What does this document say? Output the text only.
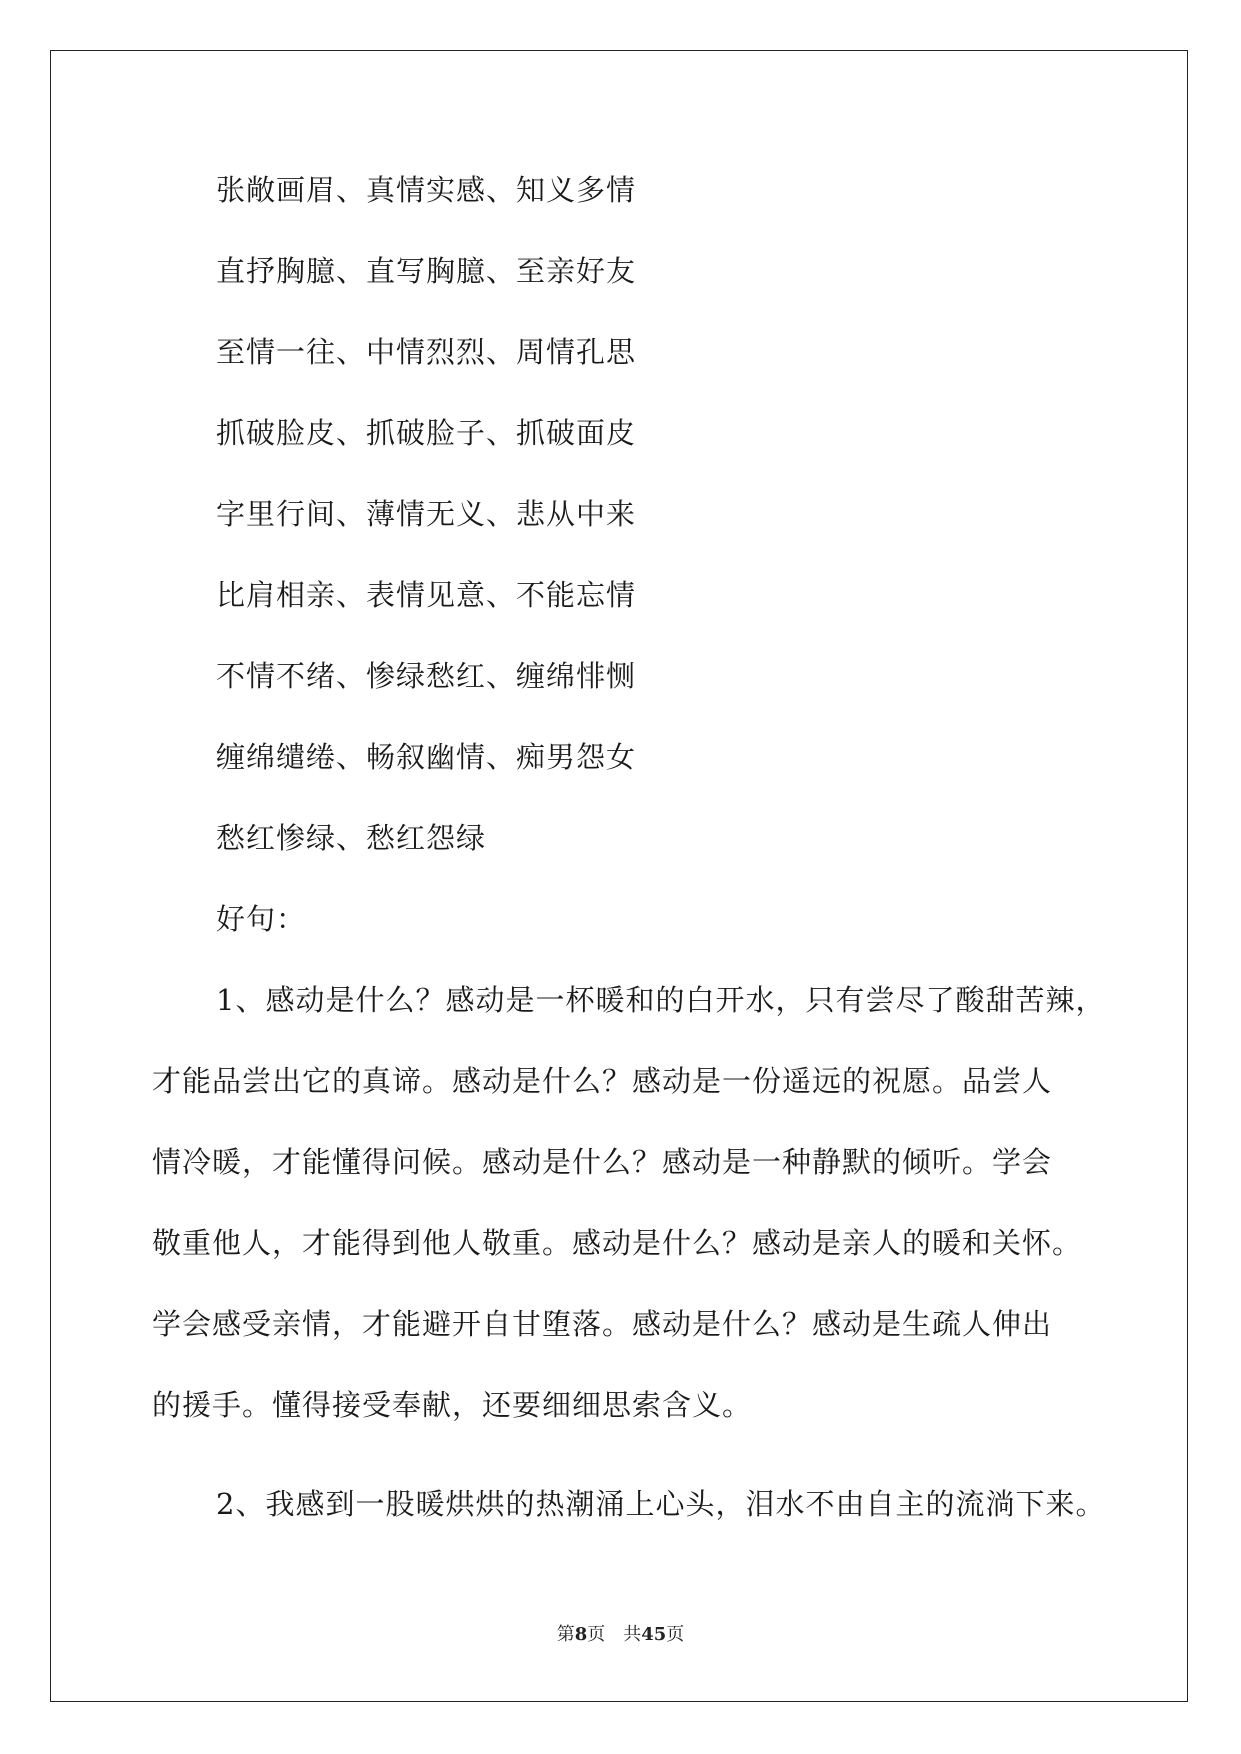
张敞画眉、真情实感、知义多情
直抒胸臆、直写胸臆、至亲好友
至情一往、中情烈烈、周情孔思
抓破脸皮、抓破脸子、抓破面皮
字里行间、薄情无义、悲从中来
比肩相亲、表情见意、不能忘情
不情不绪、惨绿愁红、缠绵悱恻
缠绵缱绻、畅叙幽情、痴男怨女
愁红惨绿、愁红怨绿
好句：
1、感动是什么？感动是一杯暖和的白开水，只有尝尽了酸甜苦辣，
才能品尝出它的真谛。感动是什么？感动是一份遥远的祝愿。品尝人
情冷暖，才能懂得问候。感动是什么？感动是一种静默的倾听。学会
敬重他人，才能得到他人敬重。感动是什么？感动是亲人的暖和关怀。
学会感受亲情，才能避开自甘堕落。感动是什么？感动是生疏人伸出
的援手。懂得接受奉献，还要细细思索含义。
2、我感到一股暖烘烘的热潮涌上心头，泪水不由自主的流淌下来。
第8页 共45页
